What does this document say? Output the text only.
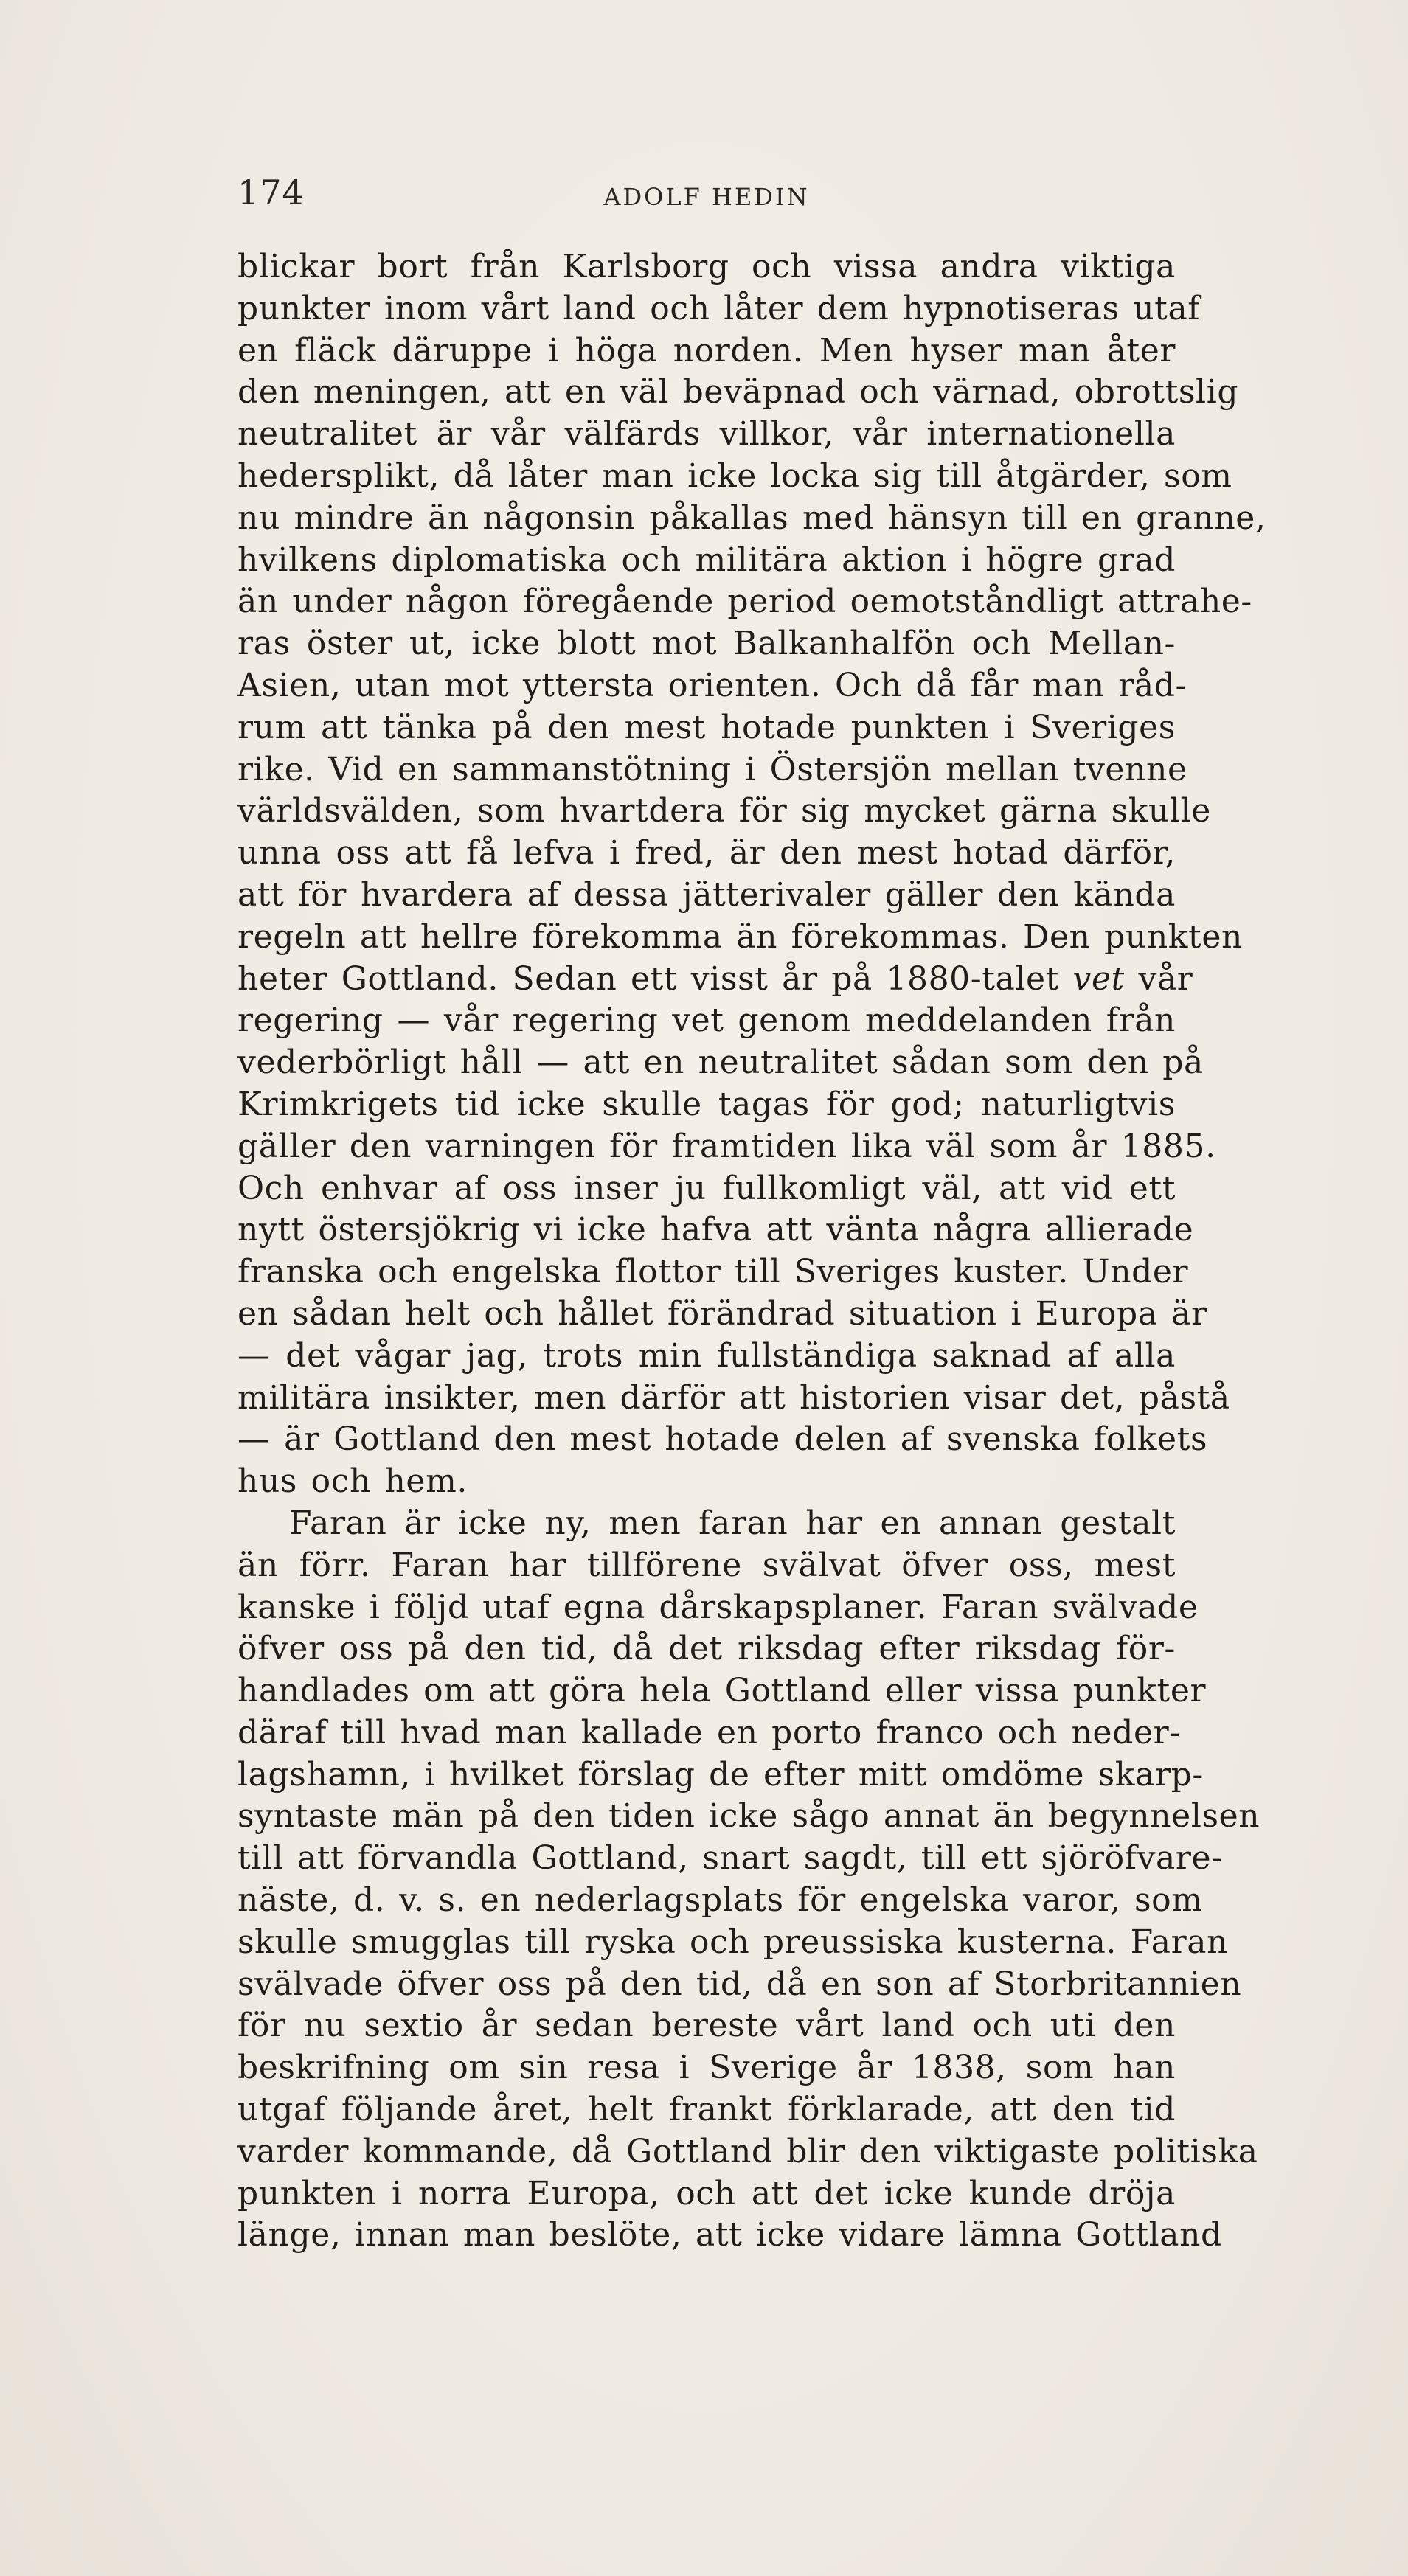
174	ADOLF HEDIN
blickar bort från Karlsborg och vissa andra viktiga
punkter inom vårt land och låter dem hypnotiseras utaf
en fläck däruppe i höga norden. Men hyser man åter
den meningen, att en väl beväpnad och värnad, obrottslig
neutralitet är vår välfärds villkor, vår internationella
hedersplikt, då låter man icke locka sig till åtgärder, som
nu mindre än någonsin påkallas med hänsyn till en granne,
hvilkens diplomatiska och militära aktion i högre grad
än under någon föregående period oemotståndligt attrahe-
ras öster ut, icke blott mot Balkanhalfön och Mellan-
Asien, utan mot yttersta orienten. Och då får man råd-
rum att tänka på den mest hotade punkten i Sveriges
rike. Vid en sammanstötning i Östersjön mellan tvenne
världsvälden, som hvartdera för sig mycket gärna skulle
unna oss att få lefva i fred, är den mest hotad därför,
att för hvardera af dessa jätterivaler gäller den kända
regeln att hellre förekomma än förekommas. Den punkten
heter Gottland. Sedan ett visst år på 1880-talet vet vår
regering — vår regering vet genom meddelanden från
vederbörligt håll — att en neutralitet sådan som den på
Krimkrigets tid icke skulle tagas för god; naturligtvis
gäller den varningen för framtiden lika väl som år 1885.
Och enhvar af oss inser ju fullkomligt väl, att vid ett
nytt östersjökrig vi icke hafva att vänta några allierade
franska och engelska flottor till Sveriges kuster. Under
en sådan helt och hållet förändrad situation i Europa är
— det vågar jag, trots min fullständiga saknad af alla
militära insikter, men därför att historien visar det, påstå
— är Gottland den mest hotade delen af svenska folkets
hus och hem.
Faran är icke ny, men faran har en annan gestalt
än förr. Faran har tillförene svälvat öfver oss, mest
kanske i följd utaf egna dårskapsplaner. Faran svälvade
öfver oss på den tid, då det riksdag efter riksdag för-
handlades om att göra hela Gottland eller vissa punkter
däraf till hvad man kallade en porto franco och neder-
lagshamn, i hvilket förslag de efter mitt omdöme skarp-
syntaste män på den tiden icke sågo annat än begynnelsen
till att förvandla Gottland, snart sagdt, till ett sjöröfvare-
näste, d. v. s. en nederlagsplats för engelska varor, som
skulle smugglas till ryska och preussiska kusterna. Faran
svälvade öfver oss på den tid, då en son af Storbritannien
för nu sextio år sedan bereste vårt land och uti den
beskrifning om sin resa i Sverige år 1838, som han
utgaf följande året, helt frankt förklarade, att den tid
varder kommande, då Gottland blir den viktigaste politiska
punkten i norra Europa, och att det icke kunde dröja
länge, innan man beslöte, att icke vidare lämna Gottland
